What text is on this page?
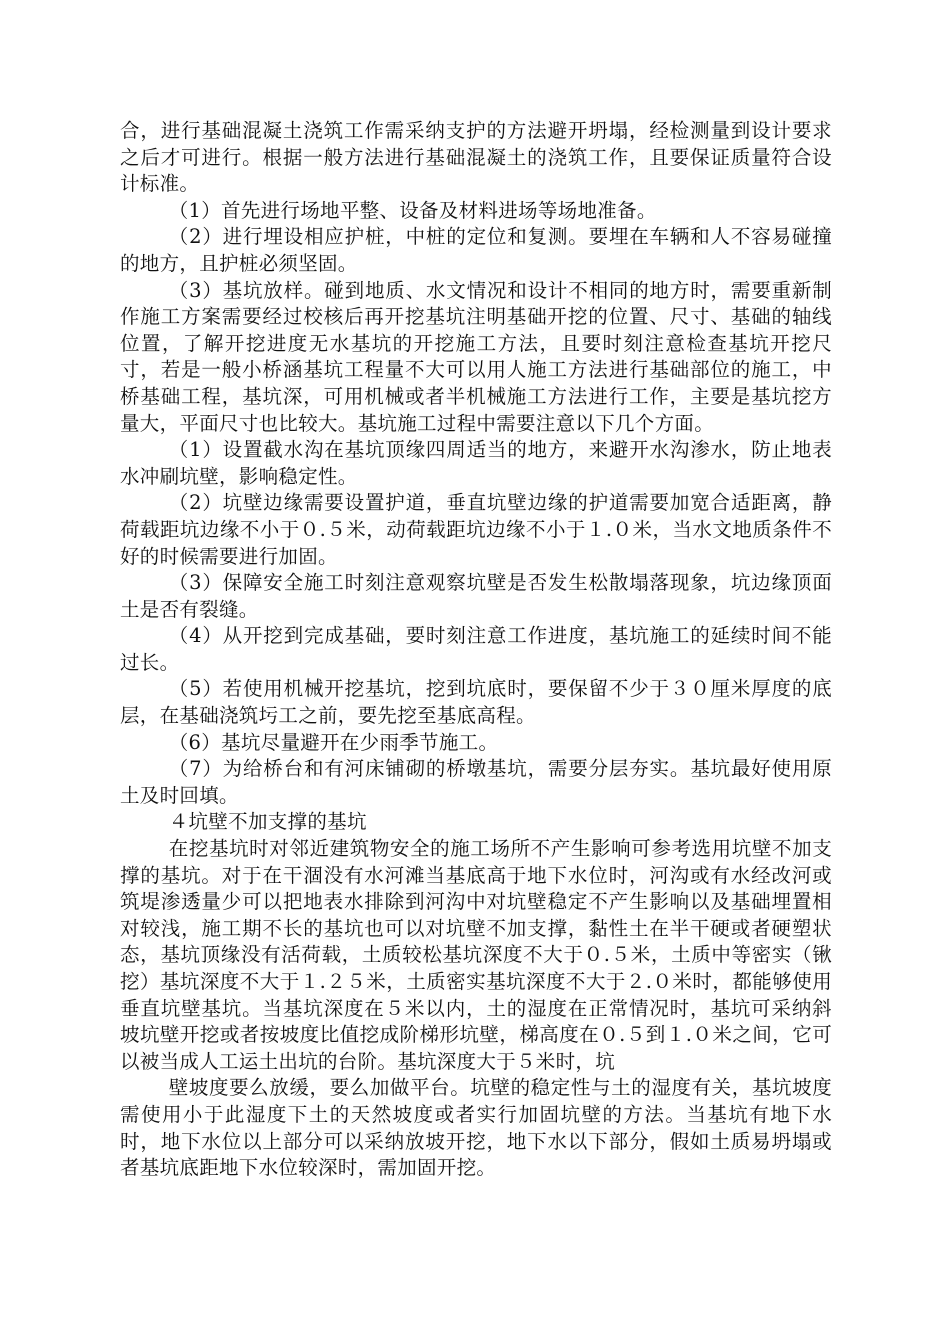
合，进行基础混凝土浇筑工作需采纳支护的方法避开坍塌，经检测量到设计要求之后才可进行。根据一般方法进行基础混凝土的浇筑工作，且要保证质量符合设计标准。

（1）首先进行场地平整、设备及材料进场等场地准备。

（2）进行埋设相应护桩，中桩的定位和复测。要埋在车辆和人不容易碰撞的地方，且护桩必须坚固。

（3）基坑放样。碰到地质、水文情况和设计不相同的地方时，需要重新制作施工方案需要经过校核后再开挖基坑注明基础开挖的位置、尺寸、基础的轴线位置，了解开挖进度无水基坑的开挖施工方法，且要时刻注意检查基坑开挖尺寸，若是一般小桥涵基坑工程量不大可以用人施工方法进行基础部位的施工，中桥基础工程，基坑深，可用机械或者半机械施工方法进行工作，主要是基坑挖方量大，平面尺寸也比较大。基坑施工过程中需要注意以下几个方面。

（1）设置截水沟在基坑顶缘四周适当的地方，来避开水沟渗水，防止地表水冲刷坑壁，影响稳定性。

（2）坑壁边缘需要设置护道，垂直坑壁边缘的护道需要加宽合适距离，静荷载距坑边缘不小于０.５米，动荷载距坑边缘不小于１.０米，当水文地质条件不好的时候需要进行加固。

（3）保障安全施工时刻注意观察坑壁是否发生松散塌落现象，坑边缘顶面土是否有裂缝。

（4）从开挖到完成基础，要时刻注意工作进度，基坑施工的延续时间不能过长。

（5）若使用机械开挖基坑，挖到坑底时，要保留不少于３０厘米厚度的底层，在基础浇筑圬工之前，要先挖至基底高程。

（6）基坑尽量避开在少雨季节施工。

（7）为给桥台和有河床铺砌的桥墩基坑，需要分层夯实。基坑最好使用原土及时回填。

４坑壁不加支撑的基坑

在挖基坑时对邻近建筑物安全的施工场所不产生影响可参考选用坑壁不加支撑的基坑。对于在干涸没有水河滩当基底高于地下水位时，河沟或有水经改河或筑堤渗透量少可以把地表水排除到河沟中对坑壁稳定不产生影响以及基础埋置相对较浅，施工期不长的基坑也可以对坑壁不加支撑，黏性土在半干硬或者硬塑状态，基坑顶缘没有活荷载，土质较松基坑深度不大于０.５米，土质中等密实（锹挖）基坑深度不大于１.２５米，土质密实基坑深度不大于２.０米时，都能够使用垂直坑壁基坑。当基坑深度在５米以内，土的湿度在正常情况时，基坑可采纳斜坡坑壁开挖或者按坡度比值挖成阶梯形坑壁，梯高度在０.５到１.０米之间，它可以被当成人工运土出坑的台阶。基坑深度大于５米时，坑

壁坡度要么放缓，要么加做平台。坑壁的稳定性与土的湿度有关，基坑坡度需使用小于此湿度下土的天然坡度或者实行加固坑壁的方法。当基坑有地下水时，地下水位以上部分可以采纳放坡开挖，地下水以下部分，假如土质易坍塌或者基坑底距地下水位较深时，需加固开挖。
